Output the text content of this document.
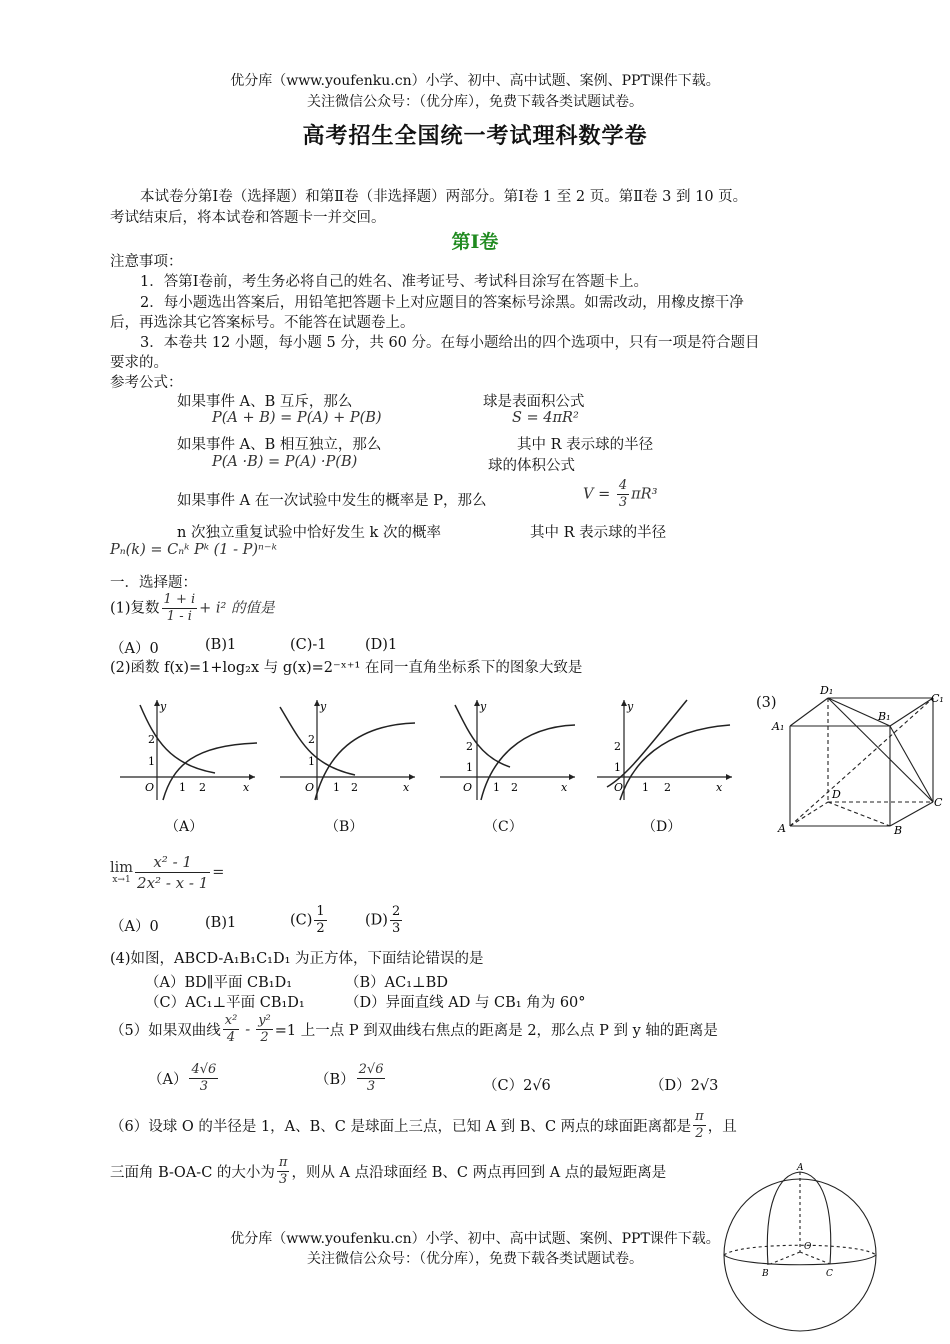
优分库（www.youfenku.cn）小学、初中、高中试题、案例、PPT课件下载。
关注微信公众号：（优分库），免费下载各类试题试卷。
高考招生全国统一考试理科数学卷
本试卷分第Ⅰ卷（选择题）和第Ⅱ卷（非选择题）两部分。第Ⅰ卷 1 至 2 页。第Ⅱ卷 3 到 10 页。
考试结束后，将本试卷和答题卡一并交回。
第Ⅰ卷
注意事项：
1．答第Ⅰ卷前，考生务必将自己的姓名、准考证号、考试科目涂写在答题卡上。
2．每小题选出答案后，用铅笔把答题卡上对应题目的答案标号涂黑。如需改动，用橡皮擦干净
后，再选涂其它答案标号。不能答在试题卷上。
3．本卷共 12 小题，每小题 5 分，共 60 分。在每小题给出的四个选项中，只有一项是符合题目
要求的。
参考公式：
如果事件 A、B 互斥，那么
P(A + B) = P(A) + P(B)
如果事件 A、B 相互独立，那么
P(A ·B) = P(A) ·P(B)
如果事件 A 在一次试验中发生的概率是 P，那么
n 次独立重复试验中恰好发生 k 次的概率
Pₙ(k) = Cₙᵏ Pᵏ (1 - P)ⁿ⁻ᵏ
球是表面积公式
S = 4πR²
其中 R 表示球的半径
球的体积公式
$V = \frac{4}{3} \pi R^3$
其中 R 表示球的半径
一．选择题：
(1)复数 $\frac{1 + i}{1 - i} + i^2$ 的值是
（A）0	(B)1	(C)-1	(D)1
(2)函数 f(x)=1+log₂x 与 g(x)=2⁻ˣ⁺¹ 在同一直角坐标系下的图象大致是
y
2
1
O 1 2	x
（A）
y
2
1
O 1 2	x
（B）
y
2
1
O 1 2	x
（C）
y
2
1
O 1 2	x
（D）
(3)
D₁
C₁
A₁
B₁
D
C
A	B
lim
$x\to 1 \frac{\text{x² - 1}}{\text{2x² - x - 1}}$ =
（A）0	(B)1	$(C) \frac{1}{2}$	$(D) \frac{2}{3}$
(4)如图，ABCD-A₁B₁C₁D₁ 为正方体，下面结论错误的是
（A）BD∥平面 CB₁D₁	（B）AC₁⊥BD
（C）AC₁⊥平面 CB₁D₁	（D）异面直线 AD 与 CB₁ 角为 60°
（5）如果双曲线 $\frac{\text{x²}}{4} - \frac{\text{y²}}{2} =1$ 上一点 P 到双曲线右焦点的距离是 2，那么点 P 到 y 轴的距离是
$(A) \frac{4√6}{3}$	$(B) \frac{2√6}{3}$	（C）2√6	（D）2√3
（6）设球 O 的半径是 1，A、B、C 是球面上三点，已知 A 到 B、C 两点的球面距离都是 $\frac{\pi}{2}$ ，且
三面角 B-OA-C 的大小为 $\frac{\pi}{3}$ ，则从 A 点沿球面经 B、C 两点再回到 A 点的最短距离是	A
O
B	C
优分库（www.youfenku.cn）小学、初中、高中试题、案例、PPT课件下载。
关注微信公众号：（优分库），免费下载各类试题试卷。
